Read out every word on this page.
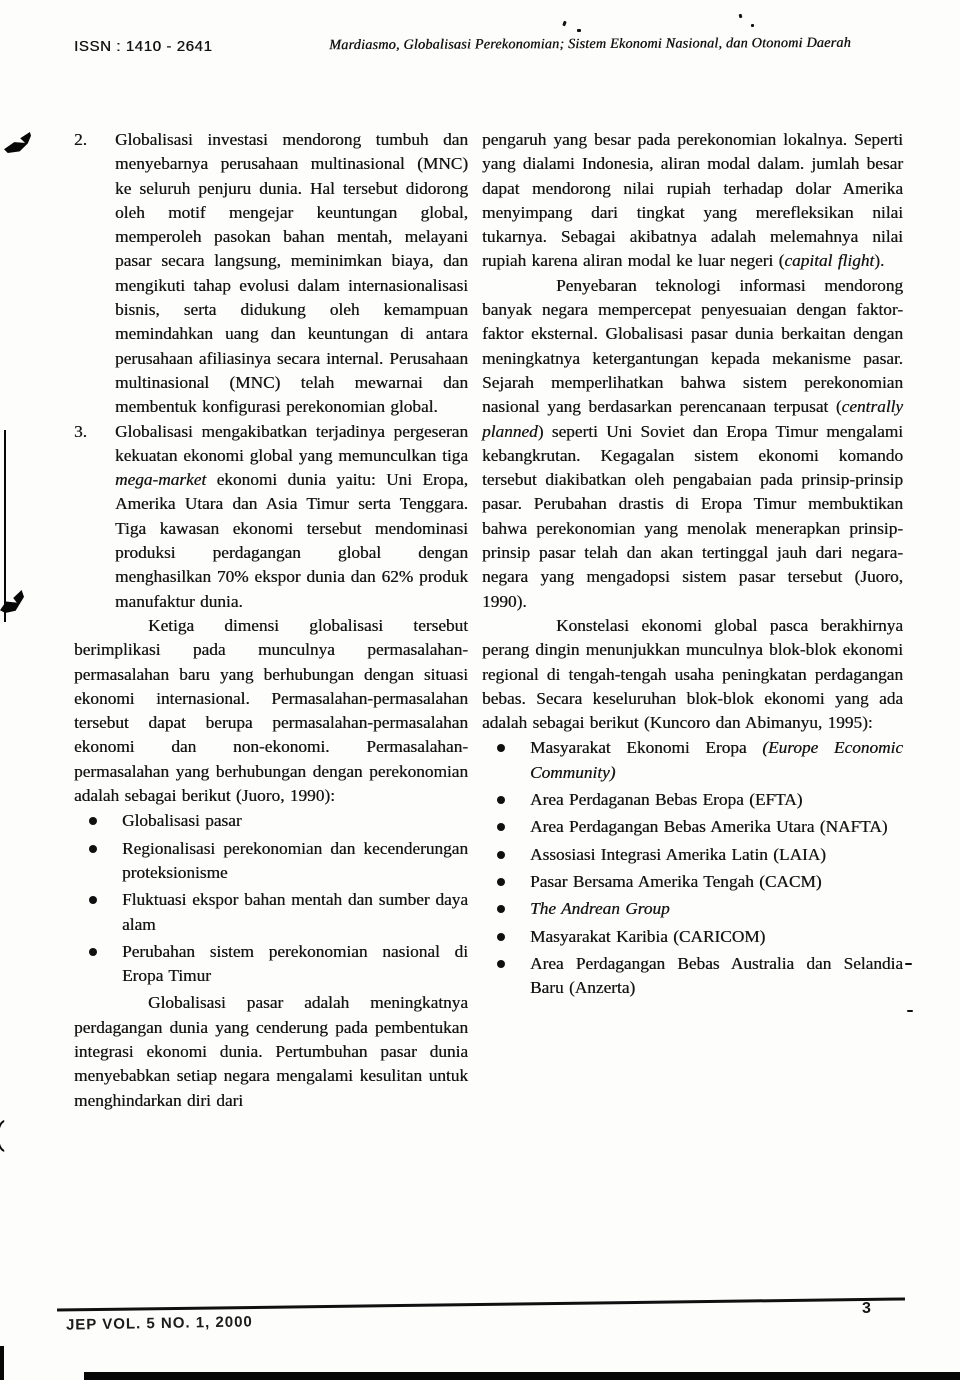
ISSN : 1410 - 2641	Mardiasmo, Globalisasi Perekonomian; Sistem Ekonomi Nasional, dan Otonomi Daerah
2. Globalisasi investasi mendorong tumbuh dan menyebarnya perusahaan multinasional (MNC) ke seluruh penjuru dunia. Hal tersebut didorong oleh motif mengejar keuntungan global, memperoleh pasokan bahan mentah, melayani pasar secara langsung, meminimkan biaya, dan mengikuti tahap evolusi dalam internasionalisasi bisnis, serta didukung oleh kemampuan memindahkan uang dan keuntungan di antara perusahaan afiliasinya secara internal. Perusahaan multinasional (MNC) telah mewarnai dan membentuk konfigurasi perekonomian global.
3. Globalisasi mengakibatkan terjadinya pergeseran kekuatan ekonomi global yang memunculkan tiga mega-market ekonomi dunia yaitu: Uni Eropa, Amerika Utara dan Asia Timur serta Tenggara. Tiga kawasan ekonomi tersebut mendominasi produksi perdagangan global dengan menghasilkan 70% ekspor dunia dan 62% produk manufaktur dunia.
Ketiga dimensi globalisasi tersebut berimplikasi pada munculnya permasalahan-permasalahan baru yang berhubungan dengan situasi ekonomi internasional. Permasalahan-permasalahan tersebut dapat berupa permasalahan-permasalahan ekonomi dan non-ekonomi. Permasalahan-permasalahan yang berhubungan dengan perekonomian adalah sebagai berikut (Juoro, 1990):
Globalisasi pasar
Regionalisasi perekonomian dan kecenderungan proteksionisme
Fluktuasi ekspor bahan mentah dan sumber daya alam
Perubahan sistem perekonomian nasional di Eropa Timur
Globalisasi pasar adalah meningkatnya perdagangan dunia yang cenderung pada pembentukan integrasi ekonomi dunia. Pertumbuhan pasar dunia menyebabkan setiap negara mengalami kesulitan untuk menghindarkan diri dari
pengaruh yang besar pada perekonomian lokalnya. Seperti yang dialami Indonesia, aliran modal dalam. jumlah besar dapat mendorong nilai rupiah terhadap dolar Amerika menyimpang dari tingkat yang merefleksikan nilai tukarnya. Sebagai akibatnya adalah melemahnya nilai rupiah karena aliran modal ke luar negeri (capital flight).
Penyebaran teknologi informasi mendorong banyak negara mempercepat penyesuaian dengan faktor-faktor eksternal. Globalisasi pasar dunia berkaitan dengan meningkatnya ketergantungan kepada mekanisme pasar. Sejarah memperlihatkan bahwa sistem perekonomian nasional yang berdasarkan perencanaan terpusat (centrally planned) seperti Uni Soviet dan Eropa Timur mengalami kebangkrutan. Kegagalan sistem ekonomi komando tersebut diakibatkan oleh pengabaian pada prinsip-prinsip pasar. Perubahan drastis di Eropa Timur membuktikan bahwa perekonomian yang menolak menerapkan prinsip-prinsip pasar telah dan akan tertinggal jauh dari negara-negara yang mengadopsi sistem pasar tersebut (Juoro, 1990).
Konstelasi ekonomi global pasca berakhirnya perang dingin menunjukkan munculnya blok-blok ekonomi regional di tengah-tengah usaha peningkatan perdagangan bebas. Secara keseluruhan blok-blok ekonomi yang ada adalah sebagai berikut (Kuncoro dan Abimanyu, 1995):
Masyarakat Ekonomi Eropa (Europe Economic Community)
Area Perdaganan Bebas Eropa (EFTA)
Area Perdagangan Bebas Amerika Utara (NAFTA)
Assosiasi Integrasi Amerika Latin (LAIA)
Pasar Bersama Amerika Tengah (CACM)
The Andrean Group
Masyarakat Karibia (CARICOM)
Area Perdagangan Bebas Australia dan Selandia Baru (Anzerta)
JEP VOL. 5 NO. 1, 2000
3
